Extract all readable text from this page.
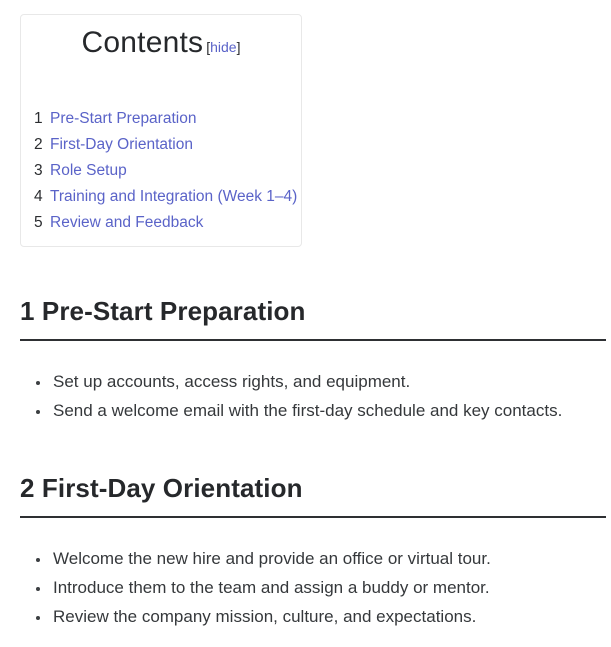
Contents [hide]
1 Pre-Start Preparation
2 First-Day Orientation
3 Role Setup
4 Training and Integration (Week 1–4)
5 Review and Feedback
1 Pre-Start Preparation
• Set up accounts, access rights, and equipment.
• Send a welcome email with the first-day schedule and key contacts.
2 First-Day Orientation
• Welcome the new hire and provide an office or virtual tour.
• Introduce them to the team and assign a buddy or mentor.
• Review the company mission, culture, and expectations.
